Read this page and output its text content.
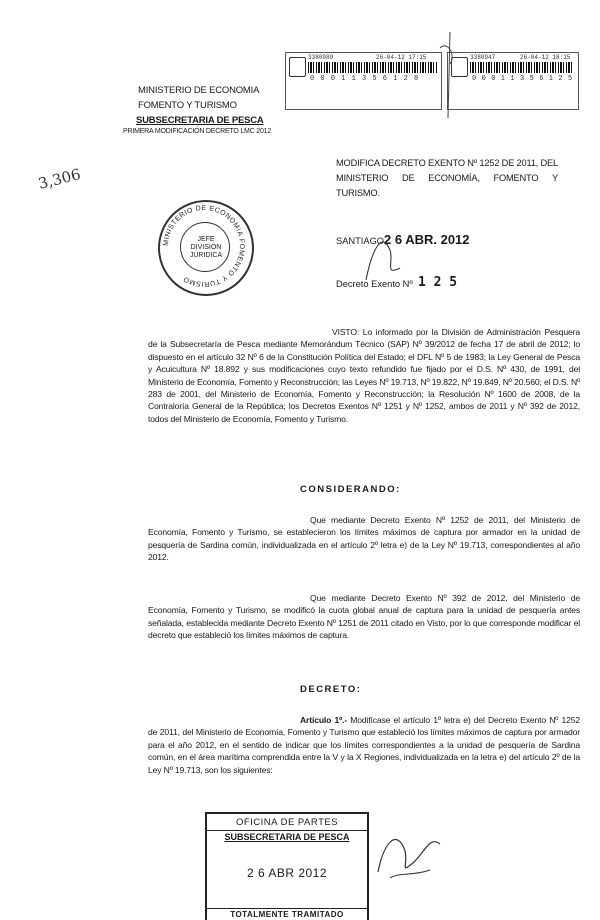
MINISTERIO DE ECONOMIA
FOMENTO Y TURISMO
SUBSECRETARIA DE PESCA
PRIMERA MODIFICACIÓN DECRETO LMC 2012
3,306
3380980	26-04-12 17:15
0 0 0 1 1 3 5 6 1 2 8
3380947	26-04-12 18:15
0 0 0 1 1 3 5 6 1 2 5
MINISTERIO DE ECONOMIA FOMENTO Y TURISMO
JEFE
DIVISION
JURIDICA
MODIFICA DECRETO EXENTO Nº 1252 DE 2011, DEL MINISTERIO DE ECONOMÍA, FOMENTO Y TURISMO.
SANTIAGO,
2 6 ABR. 2012
Decreto Exento Nº 1 2 5
VISTO: Lo informado por la División de Administración Pesquera de la Subsecretaría de Pesca mediante Memorándum Técnico (SAP) Nº 39/2012 de fecha 17 de abril de 2012; lo dispuesto en el artículo 32 Nº 6 de la Constitución Política del Estado; el DFL Nº 5 de 1983; la Ley General de Pesca y Acuicultura Nº 18.892 y sus modificaciones cuyo texto refundido fue fijado por el D.S. Nº 430, de 1991, del Ministerio de Economía, Fomento y Reconstrucción; las Leyes Nº 19.713, Nº 19.822, Nº 19.849, Nº 20.560; el D.S. Nº 283 de 2001, del Ministerio de Economía, Fomento y Reconstrucción; la Resolución Nº 1600 de 2008, de la Contraloría General de la República; los Decretos Exentos Nº 1251 y Nº 1252, ambos de 2011 y Nº 392 de 2012, todos del Ministerio de Economía, Fomento y Turismo.
CONSIDERANDO:
Que mediante Decreto Exento Nº 1252 de 2011, del Ministerio de Economía, Fomento y Turismo, se establecieron los límites máximos de captura por armador en la unidad de pesquería de Sardina común, individualizada en el artículo 2º letra e) de la Ley Nº 19.713, correspondientes al año 2012.
Que mediante Decreto Exento Nº 392 de 2012, del Ministerio de Economía, Fomento y Turismo, se modificó la cuota global anual de captura para la unidad de pesquería antes señalada, establecida mediante Decreto Exento Nº 1251 de 2011 citado en Visto, por lo que corresponde modificar el decreto que estableció los límites máximos de captura.
DECRETO:
Artículo 1º.- Modifícase el artículo 1º letra e) del Decreto Exento Nº 1252 de 2011, del Ministerio de Economía, Fomento y Turismo que estableció los límites máximos de captura por armador para el año 2012, en el sentido de indicar que los límites correspondientes a la unidad de pesquería de Sardina común, en el área marítima comprendida entre la V y la X Regiones, individualizada en la letra e) del artículo 2º de la Ley Nº 19.713, son los siguientes:
OFICINA DE PARTES
SUBSECRETARIA DE PESCA
2 6 ABR 2012
TOTALMENTE TRAMITADO
